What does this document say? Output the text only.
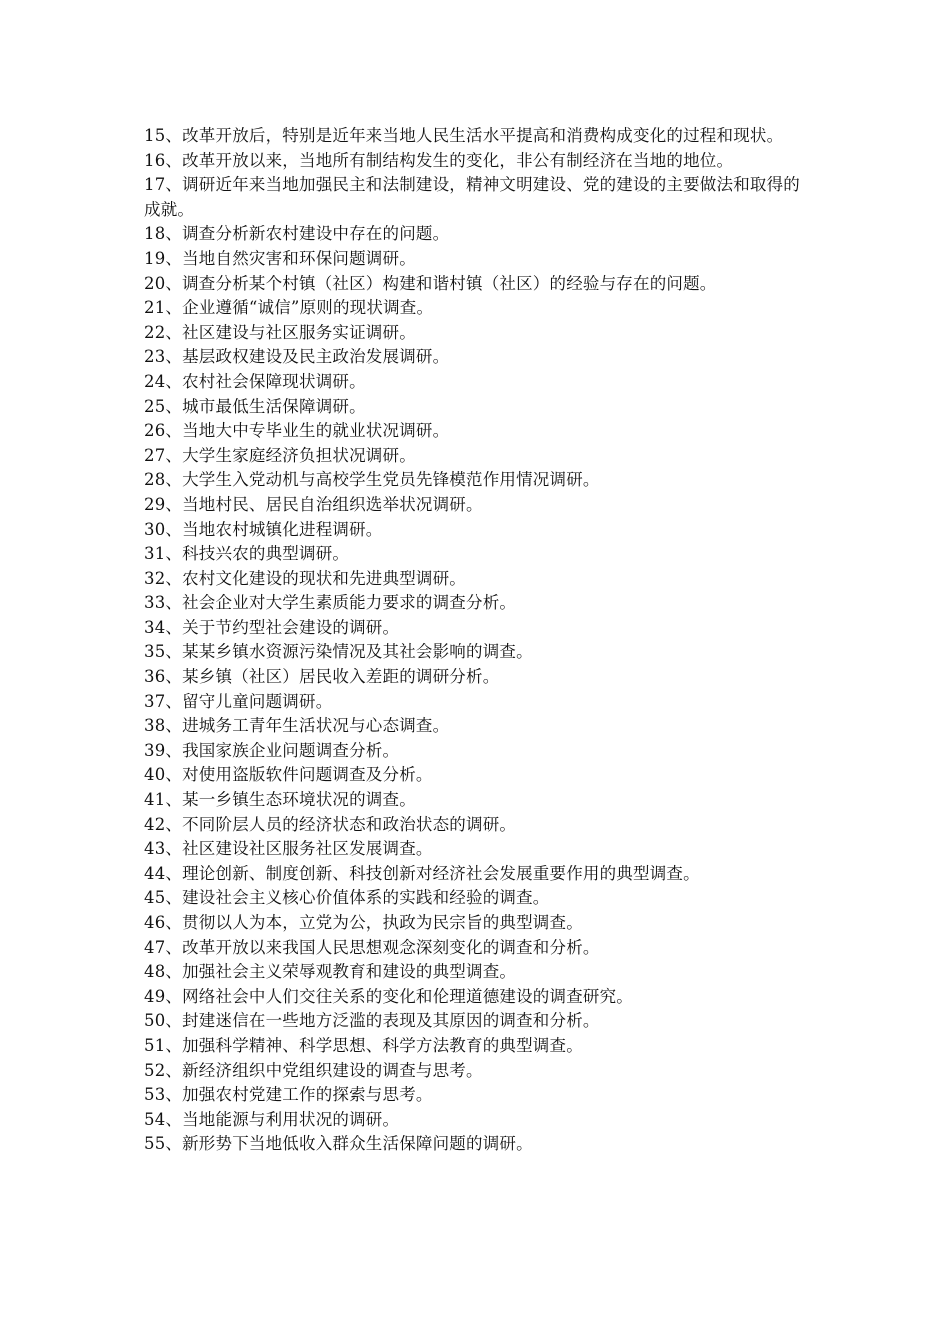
15、改革开放后，特别是近年来当地人民生活水平提高和消费构成变化的过程和现状。
16、改革开放以来，当地所有制结构发生的变化，非公有制经济在当地的地位。
17、调研近年来当地加强民主和法制建设，精神文明建设、党的建设的主要做法和取得的成就。
18、调查分析新农村建设中存在的问题。
19、当地自然灾害和环保问题调研。
20、调查分析某个村镇（社区）构建和谐村镇（社区）的经验与存在的问题。
21、企业遵循“诚信”原则的现状调查。
22、社区建设与社区服务实证调研。
23、基层政权建设及民主政治发展调研。
24、农村社会保障现状调研。
25、城市最低生活保障调研。
26、当地大中专毕业生的就业状况调研。
27、大学生家庭经济负担状况调研。
28、大学生入党动机与高校学生党员先锋模范作用情况调研。
29、当地村民、居民自治组织选举状况调研。
30、当地农村城镇化进程调研。
31、科技兴农的典型调研。
32、农村文化建设的现状和先进典型调研。
33、社会企业对大学生素质能力要求的调查分析。
34、关于节约型社会建设的调研。
35、某某乡镇水资源污染情况及其社会影响的调查。
36、某乡镇（社区）居民收入差距的调研分析。
37、留守儿童问题调研。
38、进城务工青年生活状况与心态调查。
39、我国家族企业问题调查分析。
40、对使用盗版软件问题调查及分析。
41、某一乡镇生态环境状况的调查。
42、不同阶层人员的经济状态和政治状态的调研。
43、社区建设社区服务社区发展调查。
44、理论创新、制度创新、科技创新对经济社会发展重要作用的典型调查。
45、建设社会主义核心价值体系的实践和经验的调查。
46、贯彻以人为本，立党为公，执政为民宗旨的典型调查。
47、改革开放以来我国人民思想观念深刻变化的调查和分析。
48、加强社会主义荣辱观教育和建设的典型调查。
49、网络社会中人们交往关系的变化和伦理道德建设的调查研究。
50、封建迷信在一些地方泛滥的表现及其原因的调查和分析。
51、加强科学精神、科学思想、科学方法教育的典型调查。
52、新经济组织中党组织建设的调查与思考。
53、加强农村党建工作的探索与思考。
54、当地能源与利用状况的调研。
55、新形势下当地低收入群众生活保障问题的调研。
